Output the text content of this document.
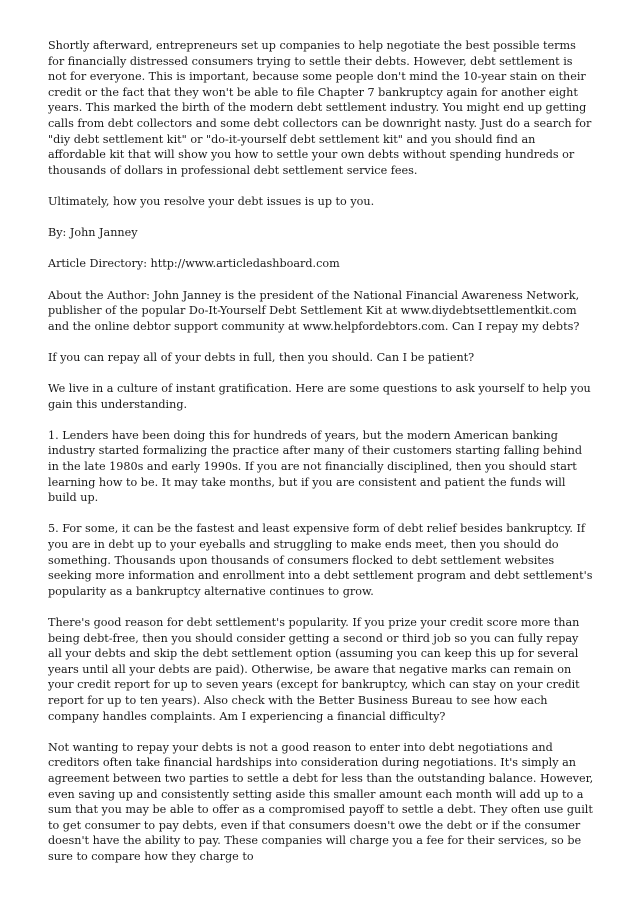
Shortly afterward, entrepreneurs set up companies to help negotiate the best possible terms for financially distressed consumers trying to settle their debts. However, debt settlement is not for everyone. This is important, because some people don't mind the 10-year stain on their credit or the fact that they won't be able to file Chapter 7 bankruptcy again for another eight years. This marked the birth of the modern debt settlement industry. You might end up getting calls from debt collectors and some debt collectors can be downright nasty. Just do a search for "diy debt settlement kit" or "do-it-yourself debt settlement kit" and you should find an affordable kit that will show you how to settle your own debts without spending hundreds or thousands of dollars in professional debt settlement service fees.

Ultimately, how you resolve your debt issues is up to you.

By: John Janney

Article Directory: http://www.articledashboard.com

About the Author: John Janney is the president of the National Financial Awareness Network, publisher of the popular Do-It-Yourself Debt Settlement Kit at www.diydebtsettlementkit.com and the online debtor support community at www.helpfordebtors.com. Can I repay my debts?

If you can repay all of your debts in full, then you should. Can I be patient?

We live in a culture of instant gratification. Here are some questions to ask yourself to help you gain this understanding.

1. Lenders have been doing this for hundreds of years, but the modern American banking industry started formalizing the practice after many of their customers starting falling behind in the late 1980s and early 1990s. If you are not financially disciplined, then you should start learning how to be. It may take months, but if you are consistent and patient the funds will build up.

5. For some, it can be the fastest and least expensive form of debt relief besides bankruptcy. If you are in debt up to your eyeballs and struggling to make ends meet, then you should do something. Thousands upon thousands of consumers flocked to debt settlement websites seeking more information and enrollment into a debt settlement program and debt settlement's popularity as a bankruptcy alternative continues to grow.

There's good reason for debt settlement's popularity. If you prize your credit score more than being debt-free, then you should consider getting a second or third job so you can fully repay all your debts and skip the debt settlement option (assuming you can keep this up for several years until all your debts are paid). Otherwise, be aware that negative marks can remain on your credit report for up to seven years (except for bankruptcy, which can stay on your credit report for up to ten years). Also check with the Better Business Bureau to see how each company handles complaints. Am I experiencing a financial difficulty?

Not wanting to repay your debts is not a good reason to enter into debt negotiations and creditors often take financial hardships into consideration during negotiations. It's simply an agreement between two parties to settle a debt for less than the outstanding balance. However, even saving up and consistently setting aside this smaller amount each month will add up to a sum that you may be able to offer as a compromised payoff to settle a debt. They often use guilt to get consumer to pay debts, even if that consumers doesn't owe the debt or if the consumer doesn't have the ability to pay. These companies will charge you a fee for their services, so be sure to compare how they charge to
